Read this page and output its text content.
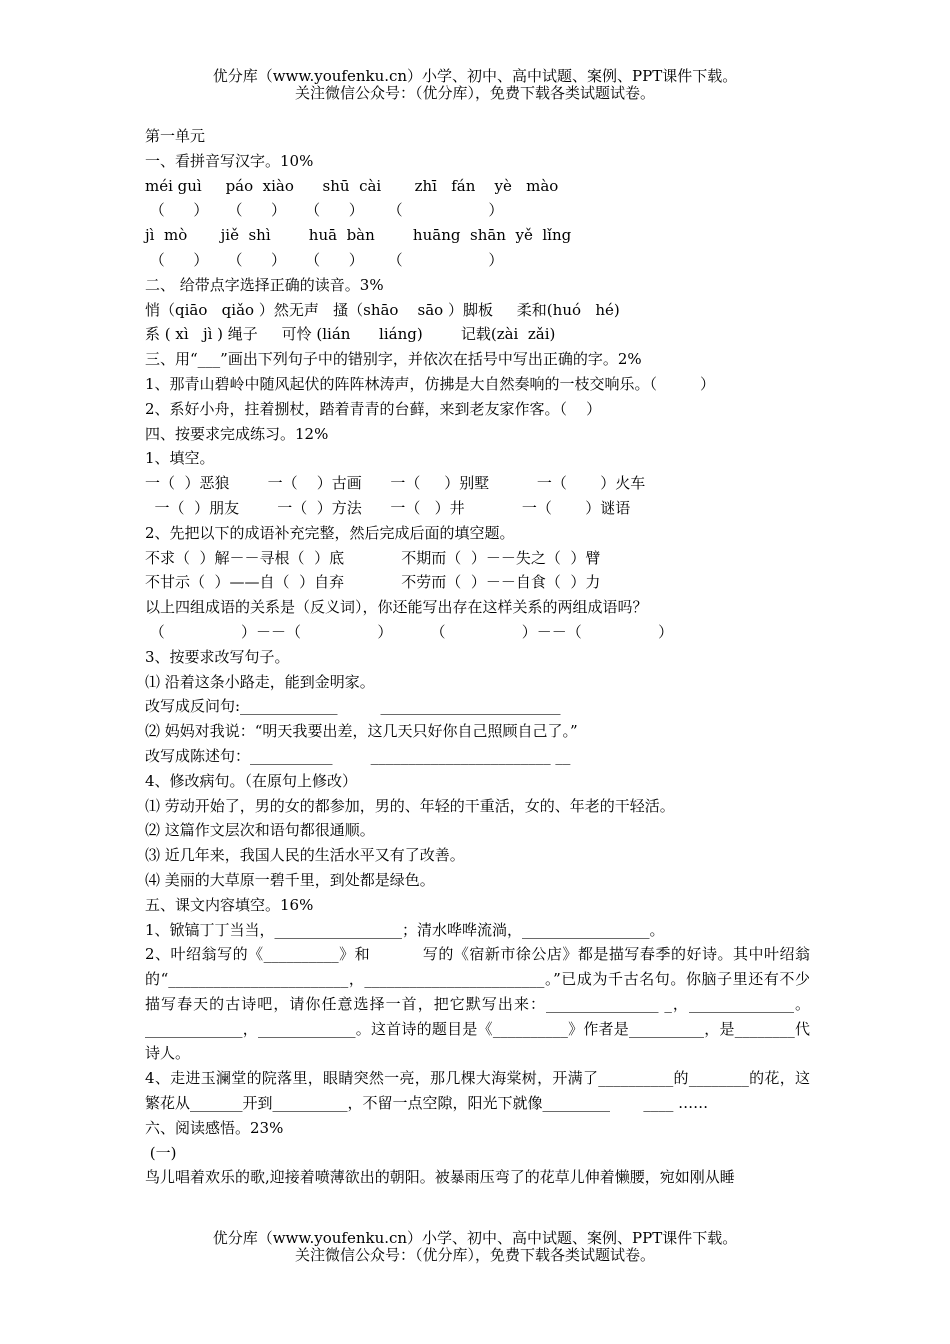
优分库（www.youfenku.cn）小学、初中、高中试题、案例、PPT课件下载。
关注微信公众号：（优分库），免费下载各类试题试卷。
第一单元
一、看拼音写汉字。10%
méi guì     páo  xiào      shū  cài       zhī   fán    yè   mào
（      ）    （      ）    （      ）     （                  ）
jì  mò       jiě  shì        huā  bàn        huāng  shān  yě  lǐng
（      ）    （      ）    （      ）     （                  ）
二、 给带点字选择正确的读音。3%
悄（qiāo   qiǎo ）然无声   搔（shāo    sāo ）脚板     柔和(huó   hé)
系 ( xì   jì ) 绳子     可怜 (lián      liáng)        记载(zài  zǎi)
三、用“___”画出下列句子中的错别字，并依次在括号中写出正确的字。2%
1、那青山碧岭中随风起伏的阵阵林涛声，仿拂是大自然奏响的一枝交响乐。（         ）
2、系好小舟，拄着捌杖，踏着青青的台藓，来到老友家作客。（    ）
四、按要求完成练习。12%
1、填空。
一（  ）恶狼        一（    ）古画      一（     ）别墅          一（       ）火车
一（  ）朋友        一（  ）方法      一（   ）井            一（       ）谜语
2、先把以下的成语补充完整，然后完成后面的填空题。
不求（  ）解－－寻根（  ）底            不期而（  ）－－失之（  ）臂
不甘示（  ）——自（  ）自弃            不劳而（  ）－－自食（  ）力
以上四组成语的关系是（反义词），你还能写出存在这样关系的两组成语吗？
（                ）－－（                ）        （                ）－－（                ）
3、按要求改写句子。
⑴ 沿着这条小路走，能到金明家。
改写成反问句:_____________         ________________________
⑵ 妈妈对我说：“明天我要出差，这几天只好你自己照顾自己了。”
改写成陈述句：___________        ________________________ __
4、修改病句。（在原句上修改）
⑴ 劳动开始了，男的女的都参加，男的、年轻的干重活，女的、年老的干轻活。
⑵ 这篇作文层次和语句都很通顺。
⑶ 近几年来，我国人民的生活水平又有了改善。
⑷ 美丽的大草原一碧千里，到处都是绿色。
五、课文内容填空。16%
1、锨镐丁丁当当，_________________；清水哗哗流淌，_________________。
2、叶绍翁写的《__________》和          写的《宿新市徐公店》都是描写春季的好诗。其中叶绍翁的“________________________，________________________。”已成为千古名句。你脑子里还有不少描写春天的古诗吧，请你任意选择一首，把它默写出来：_______________ _，______________。_____________，_____________。这首诗的题目是《__________》作者是__________，是________代诗人。
4、走进玉澜堂的院落里，眼睛突然一亮，那几棵大海棠树，开满了__________的________的花，这繁花从_______开到__________，不留一点空隙，阳光下就像_________       ____ ……
六、阅读感悟。23%
(一)
鸟儿唱着欢乐的歌,迎接着喷薄欲出的朝阳。被暴雨压弯了的花草儿伸着懒腰，宛如刚从睡
优分库（www.youfenku.cn）小学、初中、高中试题、案例、PPT课件下载。
关注微信公众号：（优分库），免费下载各类试题试卷。
